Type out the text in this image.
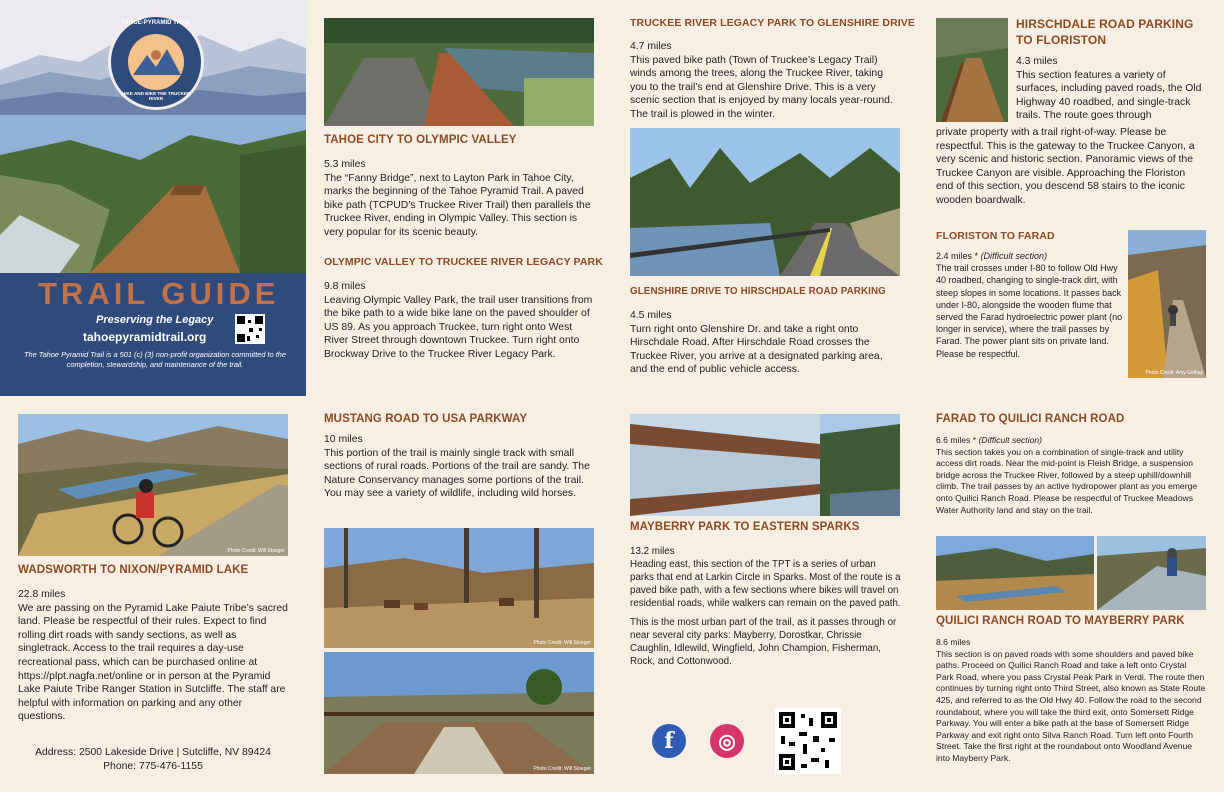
TAHOE-PYRAMID TRAIL
HIKE AND BIKE THE TRUCKEE RIVER
TRAIL GUIDE
Preserving the Legacy
tahoepyramidtrail.org
The Tahoe Pyramid Trail is a 501 (c) (3) non-profit organization committed to the completion, stewardship, and maintenance of the trail.
TAHOE CITY TO OLYMPIC VALLEY

5.3 miles

The “Fanny Bridge”, next to Layton Park in Tahoe City, marks the beginning of the Tahoe Pyramid Trail. A paved bike path (TCPUD’s Truckee River Trail) then parallels the Truckee River, ending in Olympic Valley. This section is very popular for its scenic beauty.

OLYMPIC VALLEY TO TRUCKEE RIVER LEGACY PARK

9.8 miles

Leaving Olympic Valley Park, the trail user transitions from the bike path to a wide bike lane on the paved shoulder of US 89. As you approach Truckee, turn right onto West River Street through downtown Truckee. Turn right onto Brockway Drive to the Truckee River Legacy Park.

TRUCKEE RIVER LEGACY PARK TO GLENSHIRE DRIVE

4.7 miles

This paved bike path (Town of Truckee’s Legacy Trail) winds among the trees, along the Truckee River, taking you to the trail’s end at Glenshire Drive. This is a very scenic section that is enjoyed by many locals year-round. The trail is plowed in the winter.

GLENSHIRE DRIVE TO HIRSCHDALE ROAD PARKING

4.5 miles

Turn right onto Glenshire Dr. and take a right onto Hirschdale Road. After Hirschdale Road crosses the Truckee River, you arrive at a designated parking area, and the end of public vehicle access.

HIRSCHDALE ROAD PARKING TO FLORISTON

4.3 miles

This section features a variety of surfaces, including paved roads, the Old Highway 40 roadbed, and single-track trails. The route goes through

private property with a trail right-of-way. Please be respectful. This is the gateway to the Truckee Canyon, a very scenic and historic section. Panoramic views of the Truckee Canyon are visible. Approaching the Floriston end of this section, you descend 58 stairs to the iconic wooden boardwalk.
FLORISTON TO FARAD

2.4 miles * (Difficult section)

The trail crosses under I-80 to follow Old Hwy 40 roadbed, changing to single-track dirt, with steep slopes in some locations. It passes back under I-80, alongside the wooden flume that served the Farad hydroelectric power plant (no longer in service), where the trail passes by Farad. The power plant sits on private land. Please be respectful.

Photo Credit: Amy Gelbay
Photo Credit: Will Stoeger
WADSWORTH TO NIXON/PYRAMID LAKE

22.8 miles

We are passing on the Pyramid Lake Paiute Tribe’s sacred land. Please be respectful of their rules. Expect to find rolling dirt roads with sandy sections, as well as singletrack. Access to the trail requires a day-use recreational pass, which can be purchased online at https://plpt.nagfa.net/online or in person at the Pyramid Lake Paiute Tribe Ranger Station in Sutcliffe. The staff are helpful with information on parking and any other questions.

Address: 2500 Lakeside Drive | Sutcliffe, NV 89424
Phone: 775-476-1155
MUSTANG ROAD TO USA PARKWAY

10 miles

This portion of the trail is mainly single track with small sections of rural roads. Portions of the trail are sandy. The Nature Conservancy manages some portions of the trail. You may see a variety of wildlife, including wild horses.

Photo Credit: Will Stoeger
Photo Credit: Will Stoeger
MAYBERRY PARK TO EASTERN SPARKS

13.2 miles

Heading east, this section of the TPT is a series of urban parks that end at Larkin Circle in Sparks. Most of the route is a paved bike path, with a few sections where bikes will travel on residential roads, while walkers can remain on the paved path.

This is the most urban part of the trail, as it passes through or near several city parks: Mayberry, Dorostkar, Chrissie Caughlin, Idlewild, Wingfield, John Champion, Fisherman, Rock, and Cottonwood.

f ◎
FARAD TO QUILICI RANCH ROAD

6.6 miles * (Difficult section)

This section takes you on a combination of single-track and utility access dirt roads. Near the mid-point is Fleish Bridge, a suspension bridge across the Truckee River, followed by a steep uphill/downhill climb. The trail passes by an active hydropower plant as you emerge onto Quilici Ranch Road. Please be respectful of Truckee Meadows Water Authority land and stay on the trail.

QUILICI RANCH ROAD TO MAYBERRY PARK

8.6 miles

This section is on paved roads with some shoulders and paved bike paths. Proceed on Quilici Ranch Road and take a left onto Crystal Park Road, where you pass Crystal Peak Park in Verdi. The route then continues by turning right onto Third Street, also known as State Route 425, and referred to as the Old Hwy 40. Follow the road to the second roundabout, where you will take the third exit, onto Somersett Ridge Parkway. You will enter a bike path at the base of Somersett Ridge Parkway and exit right onto Silva Ranch Road. Turn left onto Fourth Street. Take the first right at the roundabout onto Woodland Avenue into Mayberry Park.
